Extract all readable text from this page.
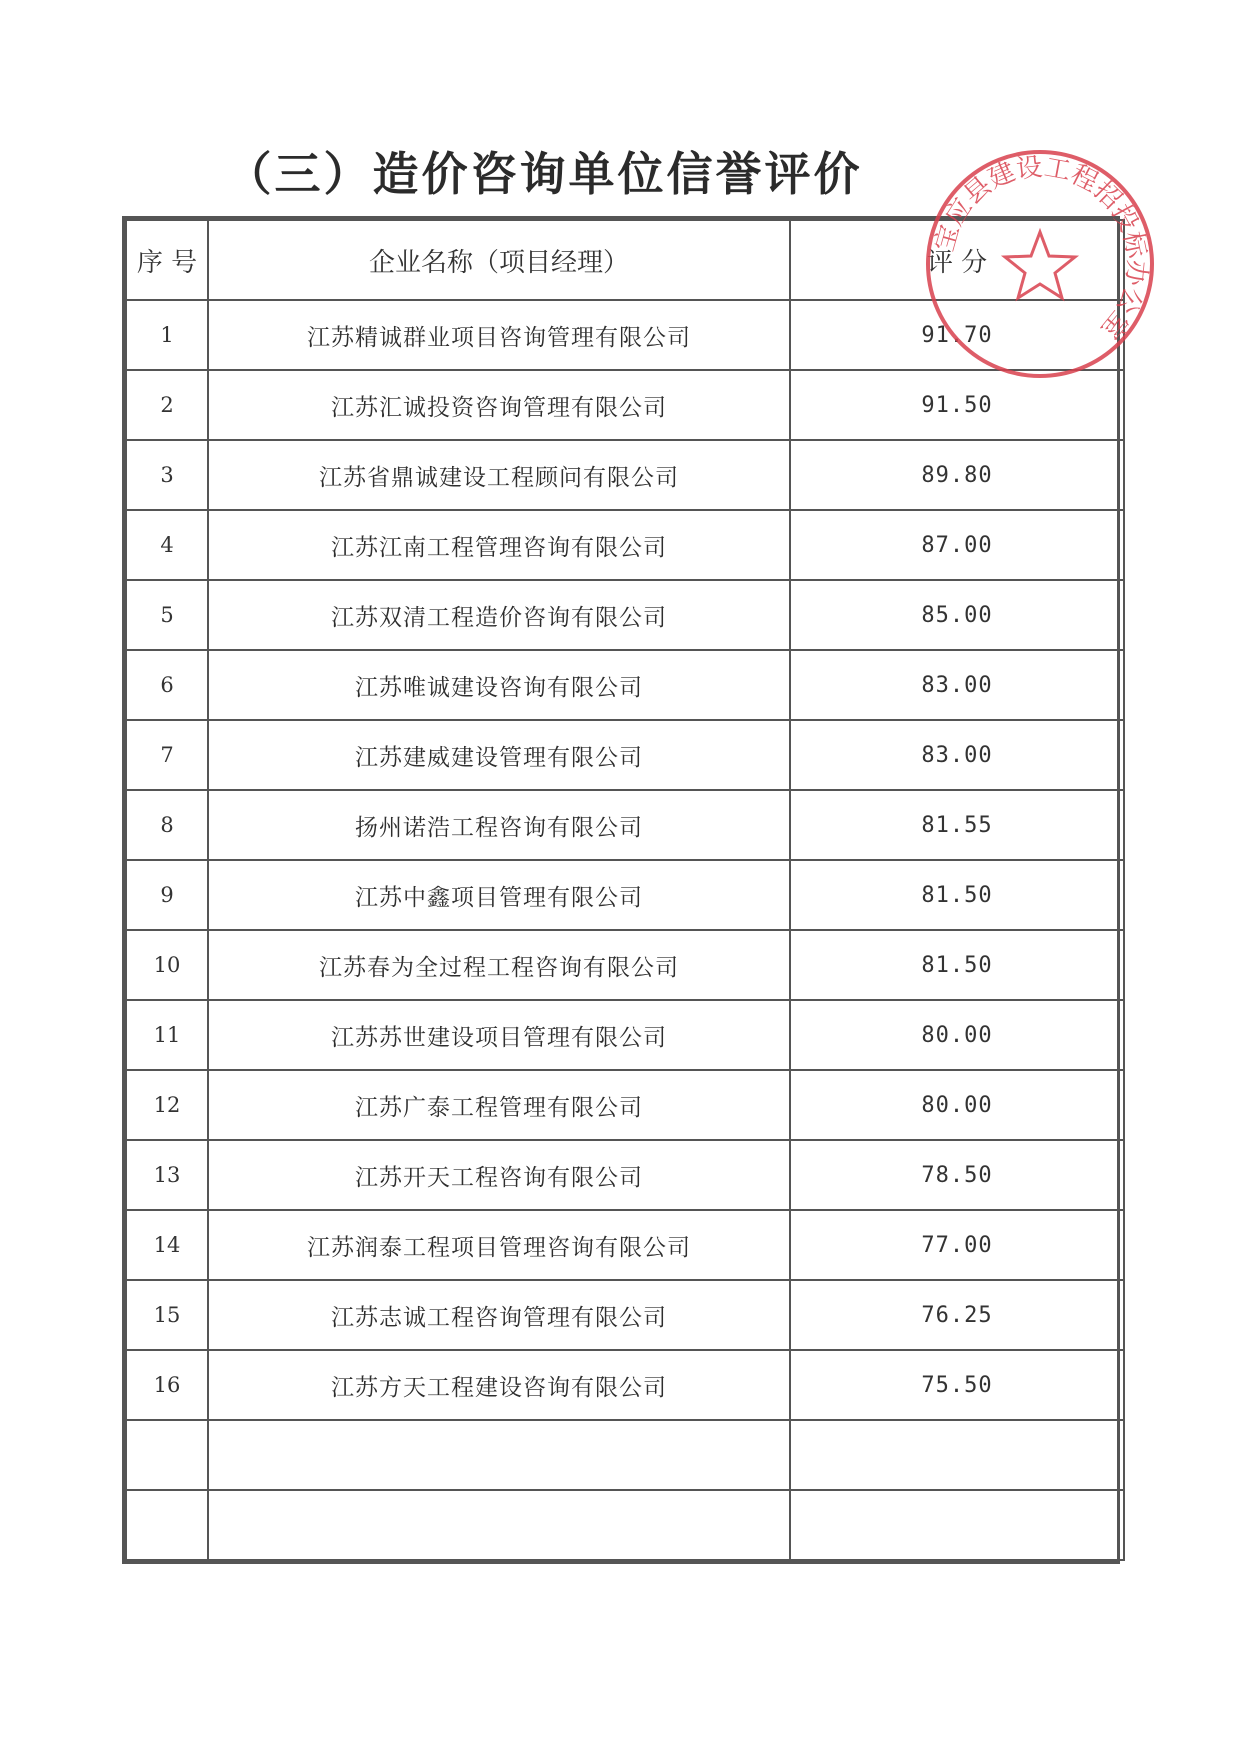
（三）造价咨询单位信誉评价
序 号	企业名称（项目经理）	评 分
1	江苏精诚群业项目咨询管理有限公司	91.70
2	江苏汇诚投资咨询管理有限公司	91.50
3	江苏省鼎诚建设工程顾问有限公司	89.80
4	江苏江南工程管理咨询有限公司	87.00
5	江苏双清工程造价咨询有限公司	85.00
6	江苏唯诚建设咨询有限公司	83.00
7	江苏建威建设管理有限公司	83.00
8	扬州诺浩工程咨询有限公司	81.55
9	江苏中鑫项目管理有限公司	81.50
10	江苏春为全过程工程咨询有限公司	81.50
11	江苏苏世建设项目管理有限公司	80.00
12	江苏广泰工程管理有限公司	80.00
13	江苏开天工程咨询有限公司	78.50
14	江苏润泰工程项目管理咨询有限公司	77.00
15	江苏志诚工程咨询管理有限公司	76.25
16	江苏方天工程建设咨询有限公司	75.50

宝应县建设工程招投标办公室
